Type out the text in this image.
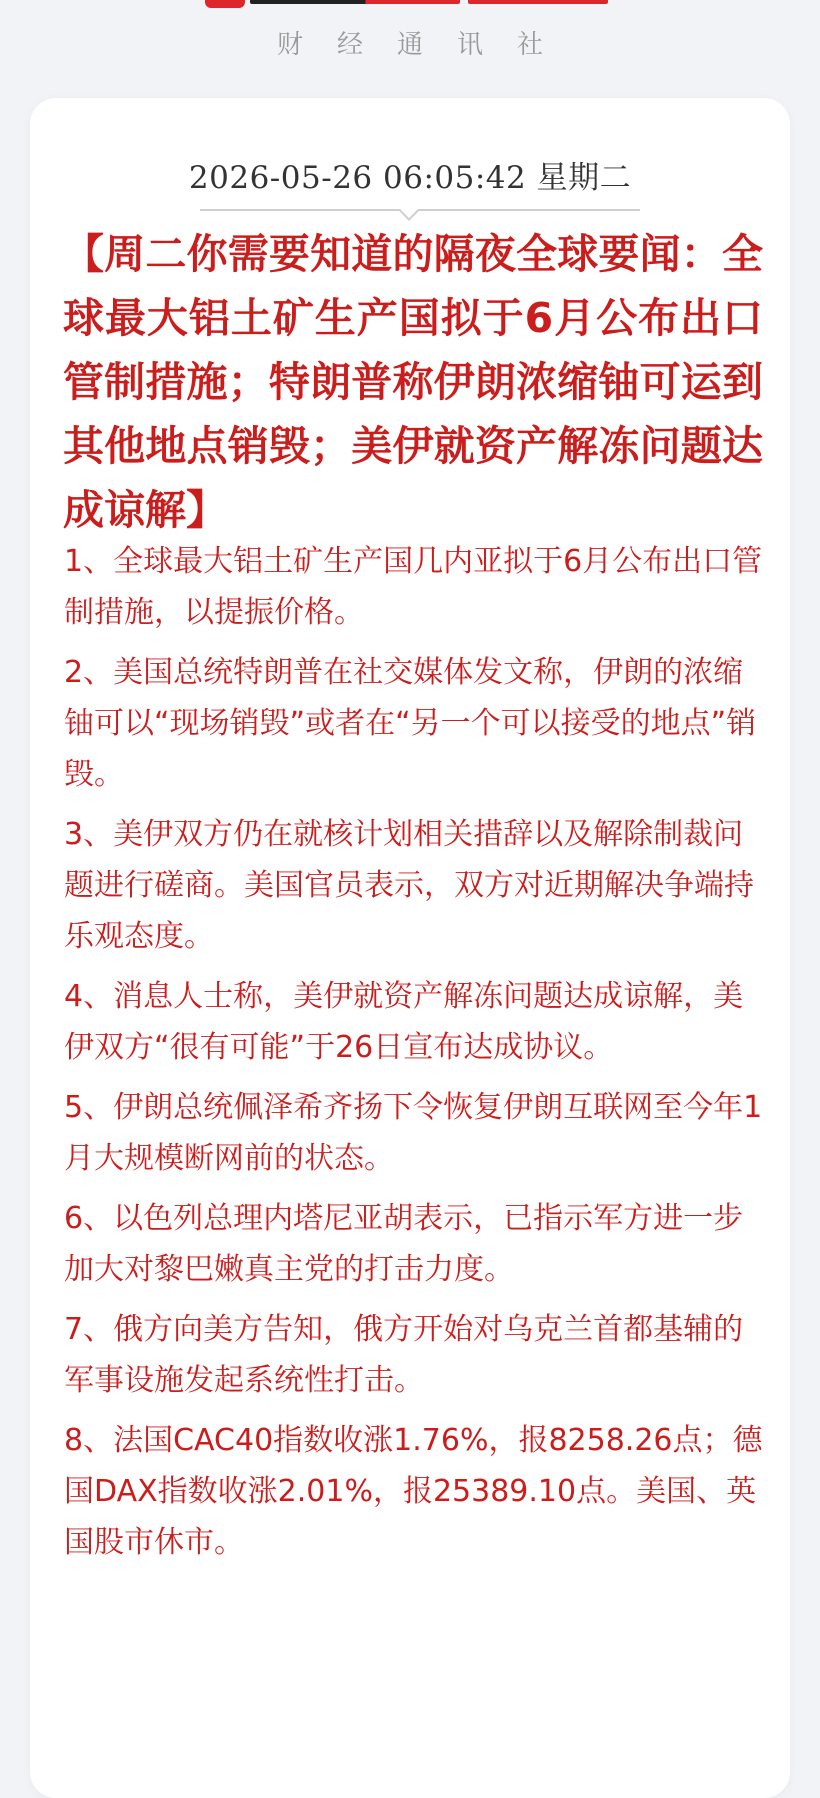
财经通讯社
2026-05-26 06:05:42 星期二
【周二你需要知道的隔夜全球要闻：全球最大铝土矿生产国拟于6月公布出口管制措施；特朗普称伊朗浓缩铀可运到其他地点销毁；美伊就资产解冻问题达成谅解】

1、全球最大铝土矿生产国几内亚拟于6月公布出口管制措施，以提振价格。

2、美国总统特朗普在社交媒体发文称，伊朗的浓缩铀可以“现场销毁”或者在“另一个可以接受的地点”销毁。

3、美伊双方仍在就核计划相关措辞以及解除制裁问题进行磋商。美国官员表示，双方对近期解决争端持乐观态度。

4、消息人士称，美伊就资产解冻问题达成谅解，美伊双方“很有可能”于26日宣布达成协议。

5、伊朗总统佩泽希齐扬下令恢复伊朗互联网至今年1月大规模断网前的状态。

6、以色列总理内塔尼亚胡表示，已指示军方进一步加大对黎巴嫩真主党的打击力度。

7、俄方向美方告知，俄方开始对乌克兰首都基辅的军事设施发起系统性打击。

8、法国CAC40指数收涨1.76%，报8258.26点；德国DAX指数收涨2.01%，报25389.10点。美国、英国股市休市。
